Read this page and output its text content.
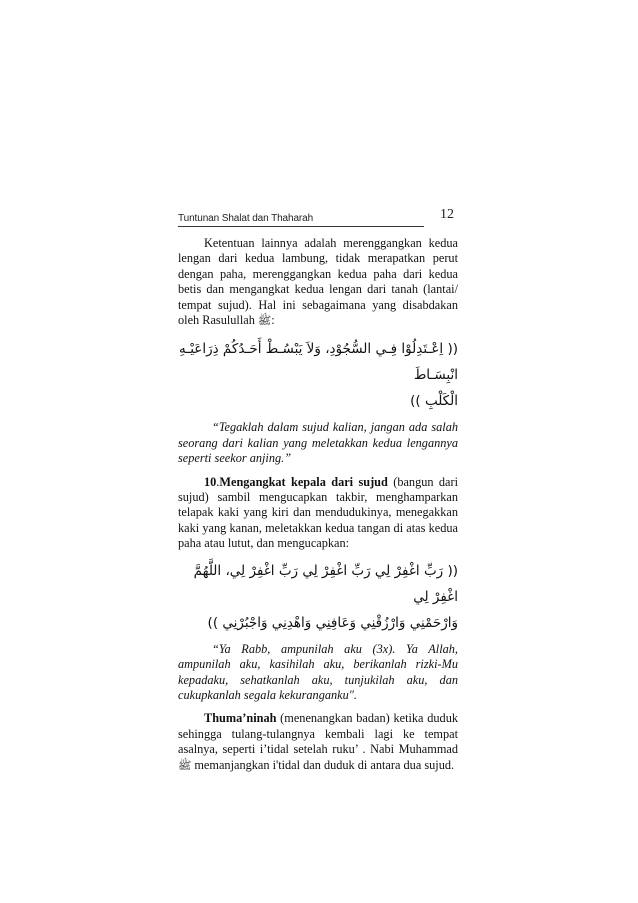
Tuntunan Shalat dan Thaharah	12

Ketentuan lainnya adalah merenggangkan kedua lengan dari kedua lambung, tidak merapatkan perut dengan paha, merenggangkan kedua paha dari kedua betis dan mengangkat kedua lengan dari tanah (lantai/ tempat sujud). Hal ini sebagaimana yang disabdakan oleh Rasulullah ﷺ:

(( اِعْـتَدِلُوْا فِـي السُّجُوْدِ، وَلاَ يَبْسُـطْ أَحَـدُكُمْ ذِرَاعَيْـهِ انْبِسَـاطَ
الْكَلْبِ ))

“Tegaklah dalam sujud kalian, jangan ada salah seorang dari kalian yang meletakkan kedua lengannya seperti seekor anjing.”

10.Mengangkat kepala dari sujud (bangun dari sujud) sambil mengucapkan takbir, menghamparkan telapak kaki yang kiri dan mendudukinya, menegakkan kaki yang kanan, meletakkan kedua tangan di atas kedua paha atau lutut, dan mengucapkan:

(( رَبِّ اغْفِرْ لِي رَبِّ اغْفِرْ لِي رَبِّ اغْفِرْ لِي، اللَّهُمَّ اغْفِرْ لِي
وَارْحَمْنِي وَارْزُقْنِي وَعَافِنِي وَاهْدِنِي وَاجْبُرْنِي ))

“Ya Rabb, ampunilah aku (3x). Ya Allah, ampunilah aku, kasihilah aku, berikanlah rizki-Mu kepadaku, sehatkanlah aku, tunjukilah aku, dan cukupkanlah segala kekuranganku".

Thuma’ninah (menenangkan badan) ketika duduk sehingga tulang-tulangnya kembali lagi ke tempat asalnya, seperti i’tidal setelah ruku’ . Nabi Muhammad ﷺ memanjangkan i'tidal dan duduk di antara dua sujud.
